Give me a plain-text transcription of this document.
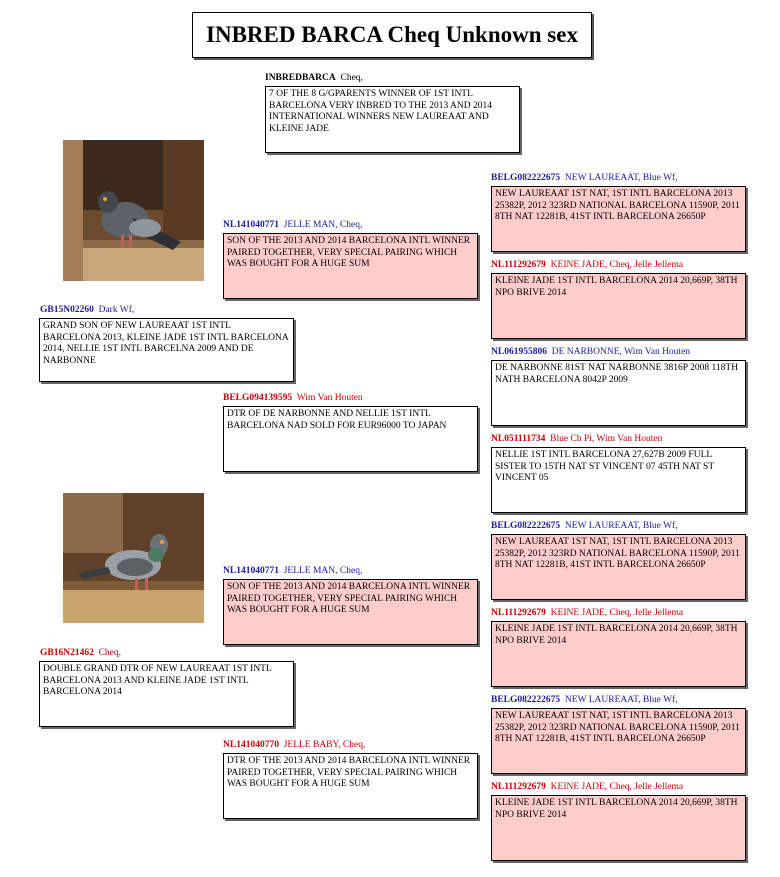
INBRED BARCA Cheq Unknown sex
INBREDBARCA Cheq,
7 OF THE 8 G/GPARENTS WINNER OF 1ST INTL BARCELONA VERY INBRED TO THE 2013 AND 2014 INTERNATIONAL WINNERS NEW LAUREAAT AND KLEINE JADE
GB15N02260 Dark Wf,
GRAND SON OF NEW LAUREAAT 1ST INTL BARCELONA 2013, KLEINE JADE 1ST INTL BARCELONA 2014, NELLIE 1ST INTL BARCELNA 2009 AND DE NARBONNE
GB16N21462 Cheq,
DOUBLE GRAND DTR OF NEW LAUREAAT 1ST INTL BARCELONA 2013 AND KLEINE JADE 1ST INTL BARCELONA 2014
NL141040771 JELLE MAN, Cheq,
SON OF THE 2013 AND 2014 BARCELONA INTL WINNER PAIRED TOGETHER, VERY SPECIAL PAIRING WHICH WAS BOUGHT FOR A HUGE SUM
BELG094139595 Wim Van Houten
DTR OF DE NARBONNE AND NELLIE 1ST INTL BARCELONA NAD SOLD FOR EUR96000 TO JAPAN
NL141040771 JELLE MAN, Cheq,
SON OF THE 2013 AND 2014 BARCELONA INTL WINNER PAIRED TOGETHER, VERY SPECIAL PAIRING WHICH WAS BOUGHT FOR A HUGE SUM
NL141040770 JELLE BABY, Cheq,
DTR OF THE 2013 AND 2014 BARCELONA INTL WINNER PAIRED TOGETHER, VERY SPECIAL PAIRING WHICH WAS BOUGHT FOR A HUGE SUM
BELG082222675 NEW LAUREAAT, Blue Wf,
NEW LAUREAAT 1ST NAT, 1ST INTL BARCELONA 2013 25382P, 2012 323RD NATIONAL BARCELONA 11590P, 2011 8TH NAT 12281B, 41ST INTL BARCELONA 26650P
NL111292679 KEINE JADE, Cheq, Jelle Jellema
KLEINE JADE 1ST INTL BARCELONA 2014 20,669P, 38TH NPO BRIVE 2014
NL061955806 DE NARBONNE, Wim Van Houten
DE NARBONNE 81ST NAT NARBONNE 3816P 2008 118TH NATH BARCELONA 8042P 2009
NL051111734 Blue Ch Pi, Wim Van Houten
NELLIE 1ST INTL BARCELONA 27,627B 2009 FULL SISTER TO 15TH NAT ST VINCENT 07 45TH NAT ST VINCENT 05
BELG082222675 NEW LAUREAAT, Blue Wf,
NEW LAUREAAT 1ST NAT, 1ST INTL BARCELONA 2013 25382P, 2012 323RD NATIONAL BARCELONA 11590P, 2011 8TH NAT 12281B, 41ST INTL BARCELONA 26650P
NL111292679 KEINE JADE, Cheq, Jelle Jellema
KLEINE JADE 1ST INTL BARCELONA 2014 20,669P, 38TH NPO BRIVE 2014
BELG082222675 NEW LAUREAAT, Blue Wf,
NEW LAUREAAT 1ST NAT, 1ST INTL BARCELONA 2013 25382P, 2012 323RD NATIONAL BARCELONA 11590P, 2011 8TH NAT 12281B, 41ST INTL BARCELONA 26650P
NL111292679 KEINE JADE, Cheq, Jelle Jellema
KLEINE JADE 1ST INTL BARCELONA 2014 20,669P, 38TH NPO BRIVE 2014
